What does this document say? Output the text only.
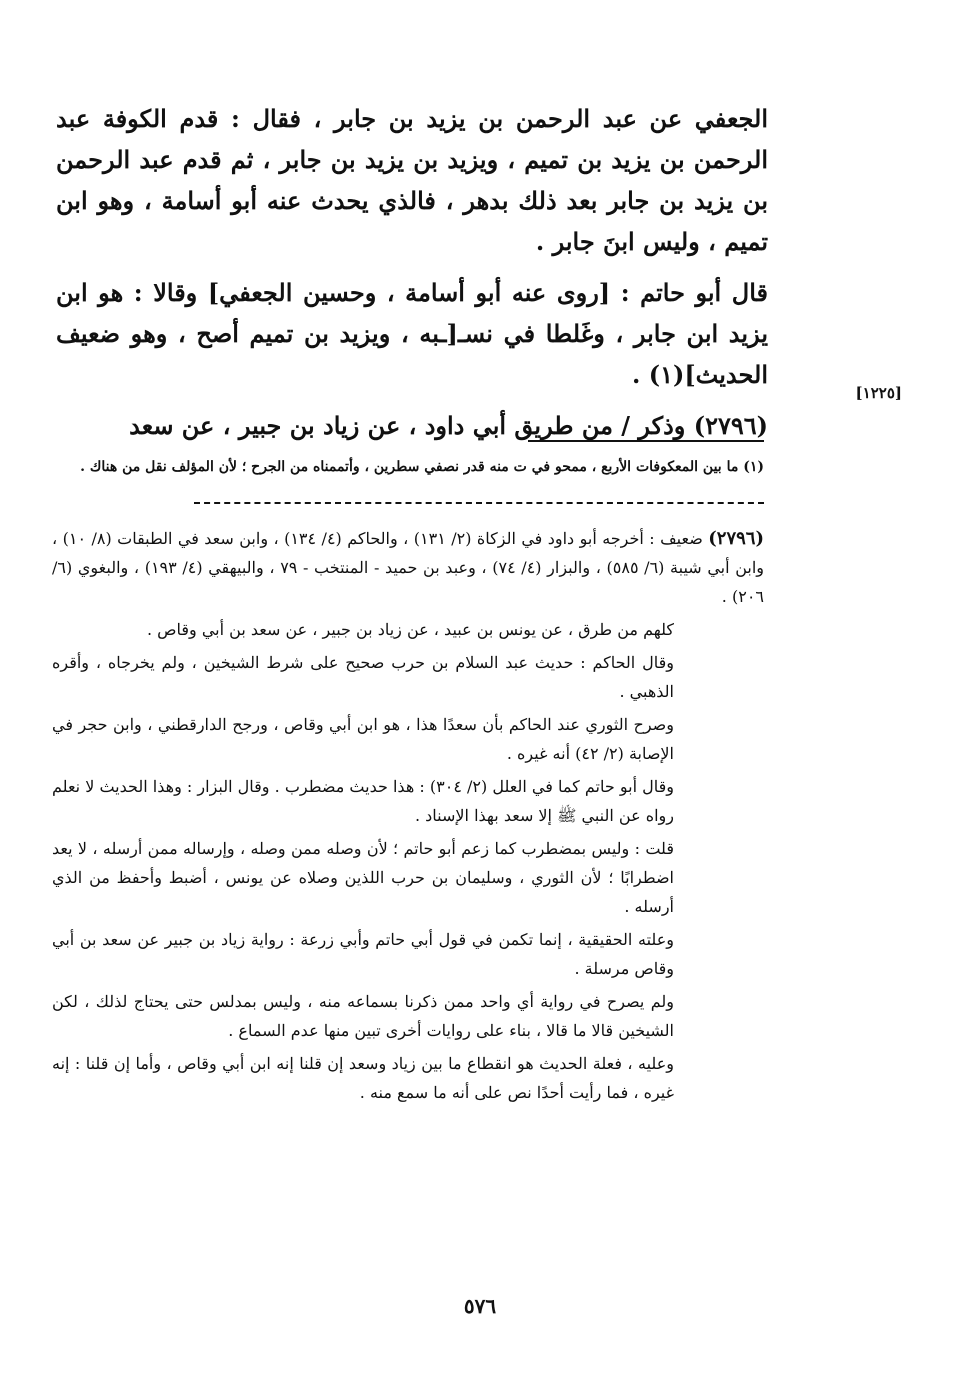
الجعفي عن عبد الرحمن بن يزيد بن جابر ، فقال : قدم الكوفة عبد الرحمن بن يزيد بن تميم ، ويزيد بن يزيد بن جابر ، ثم قدم عبد الرحمن بن يزيد بن جابر بعد ذلك بدهر ، فالذي يحدث عنه أبو أسامة ، وهو ابن تميم ، وليس ابنَ جابر .

قال أبو حاتم : [روى عنه أبو أسامة ، وحسين الجعفي] وقالا : هو ابن يزيد ابن جابر ، وغَلطا في نسـ[ـبه ، ويزيد بن تميم أصح ، وهو ضعيف الحديث](١) .

(٢٧٩٦) وذكر / من طريق أبي داود ، عن زياد بن جبير ، عن سعد

[١٢٢٥]
(١) ما بين المعكوفات الأربع ، ممحو في ت منه قدر نصفي سطرين ، وأتممناه من الجرح ؛ لأن المؤلف نقل من هناك .

(٢٧٩٦) ضعيف : أخرجه أبو داود في الزكاة (٢/ ١٣١) ، والحاكم (٤/ ١٣٤) ، وابن سعد في الطبقات (٨/ ١٠) ، وابن أبي شيبة (٦/ ٥٨٥) ، والبزار (٤/ ٧٤) ، وعبد بن حميد - المنتخب - ٧٩ ، والبيهقي (٤/ ١٩٣) ، والبغوي (٦/ ٢٠٦) .

كلهم من طرق ، عن يونس بن عبيد ، عن زياد بن جبير ، عن سعد بن أبي وقاص .

وقال الحاكم : حديث عبد السلام بن حرب صحيح على شرط الشيخين ، ولم يخرجاه ، وأقره الذهبي .

وصرح الثوري عند الحاكم بأن سعدًا هذا ، هو ابن أبي وقاص ، ورجح الدارقطني ، وابن حجر في الإصابة (٢/ ٤٢) أنه غيره .

وقال أبو حاتم كما في العلل (٢/ ٣٠٤) : هذا حديث مضطرب . وقال البزار : وهذا الحديث لا نعلم رواه عن النبي ﷺ إلا سعد بهذا الإسناد .

قلت : وليس بمضطرب كما زعم أبو حاتم ؛ لأن وصله ممن وصله ، وإرساله ممن أرسله ، لا يعد اضطرابًا ؛ لأن الثوري ، وسليمان بن حرب اللذين وصلاه عن يونس ، أضبط وأحفظ من الذي أرسله .

وعلته الحقيقية ، إنما تكمن في قول أبي حاتم وأبي زرعة : رواية زياد بن جبير عن سعد بن أبي وقاص مرسلة .

ولم يصرح في رواية أي واحد ممن ذكرنا بسماعه منه ، وليس بمدلس حتى يحتاج لذلك ، لكن الشيخين قالا ما قالا ، بناء على روايات أخرى تبين منها عدم السماع .

وعليه ، فعلة الحديث هو انقطاع ما بين زياد وسعد إن قلنا إنه ابن أبي وقاص ، وأما إن قلنا : إنه غيره ، فما رأيت أحدًا نص على أنه ما سمع منه .

٥٧٦
